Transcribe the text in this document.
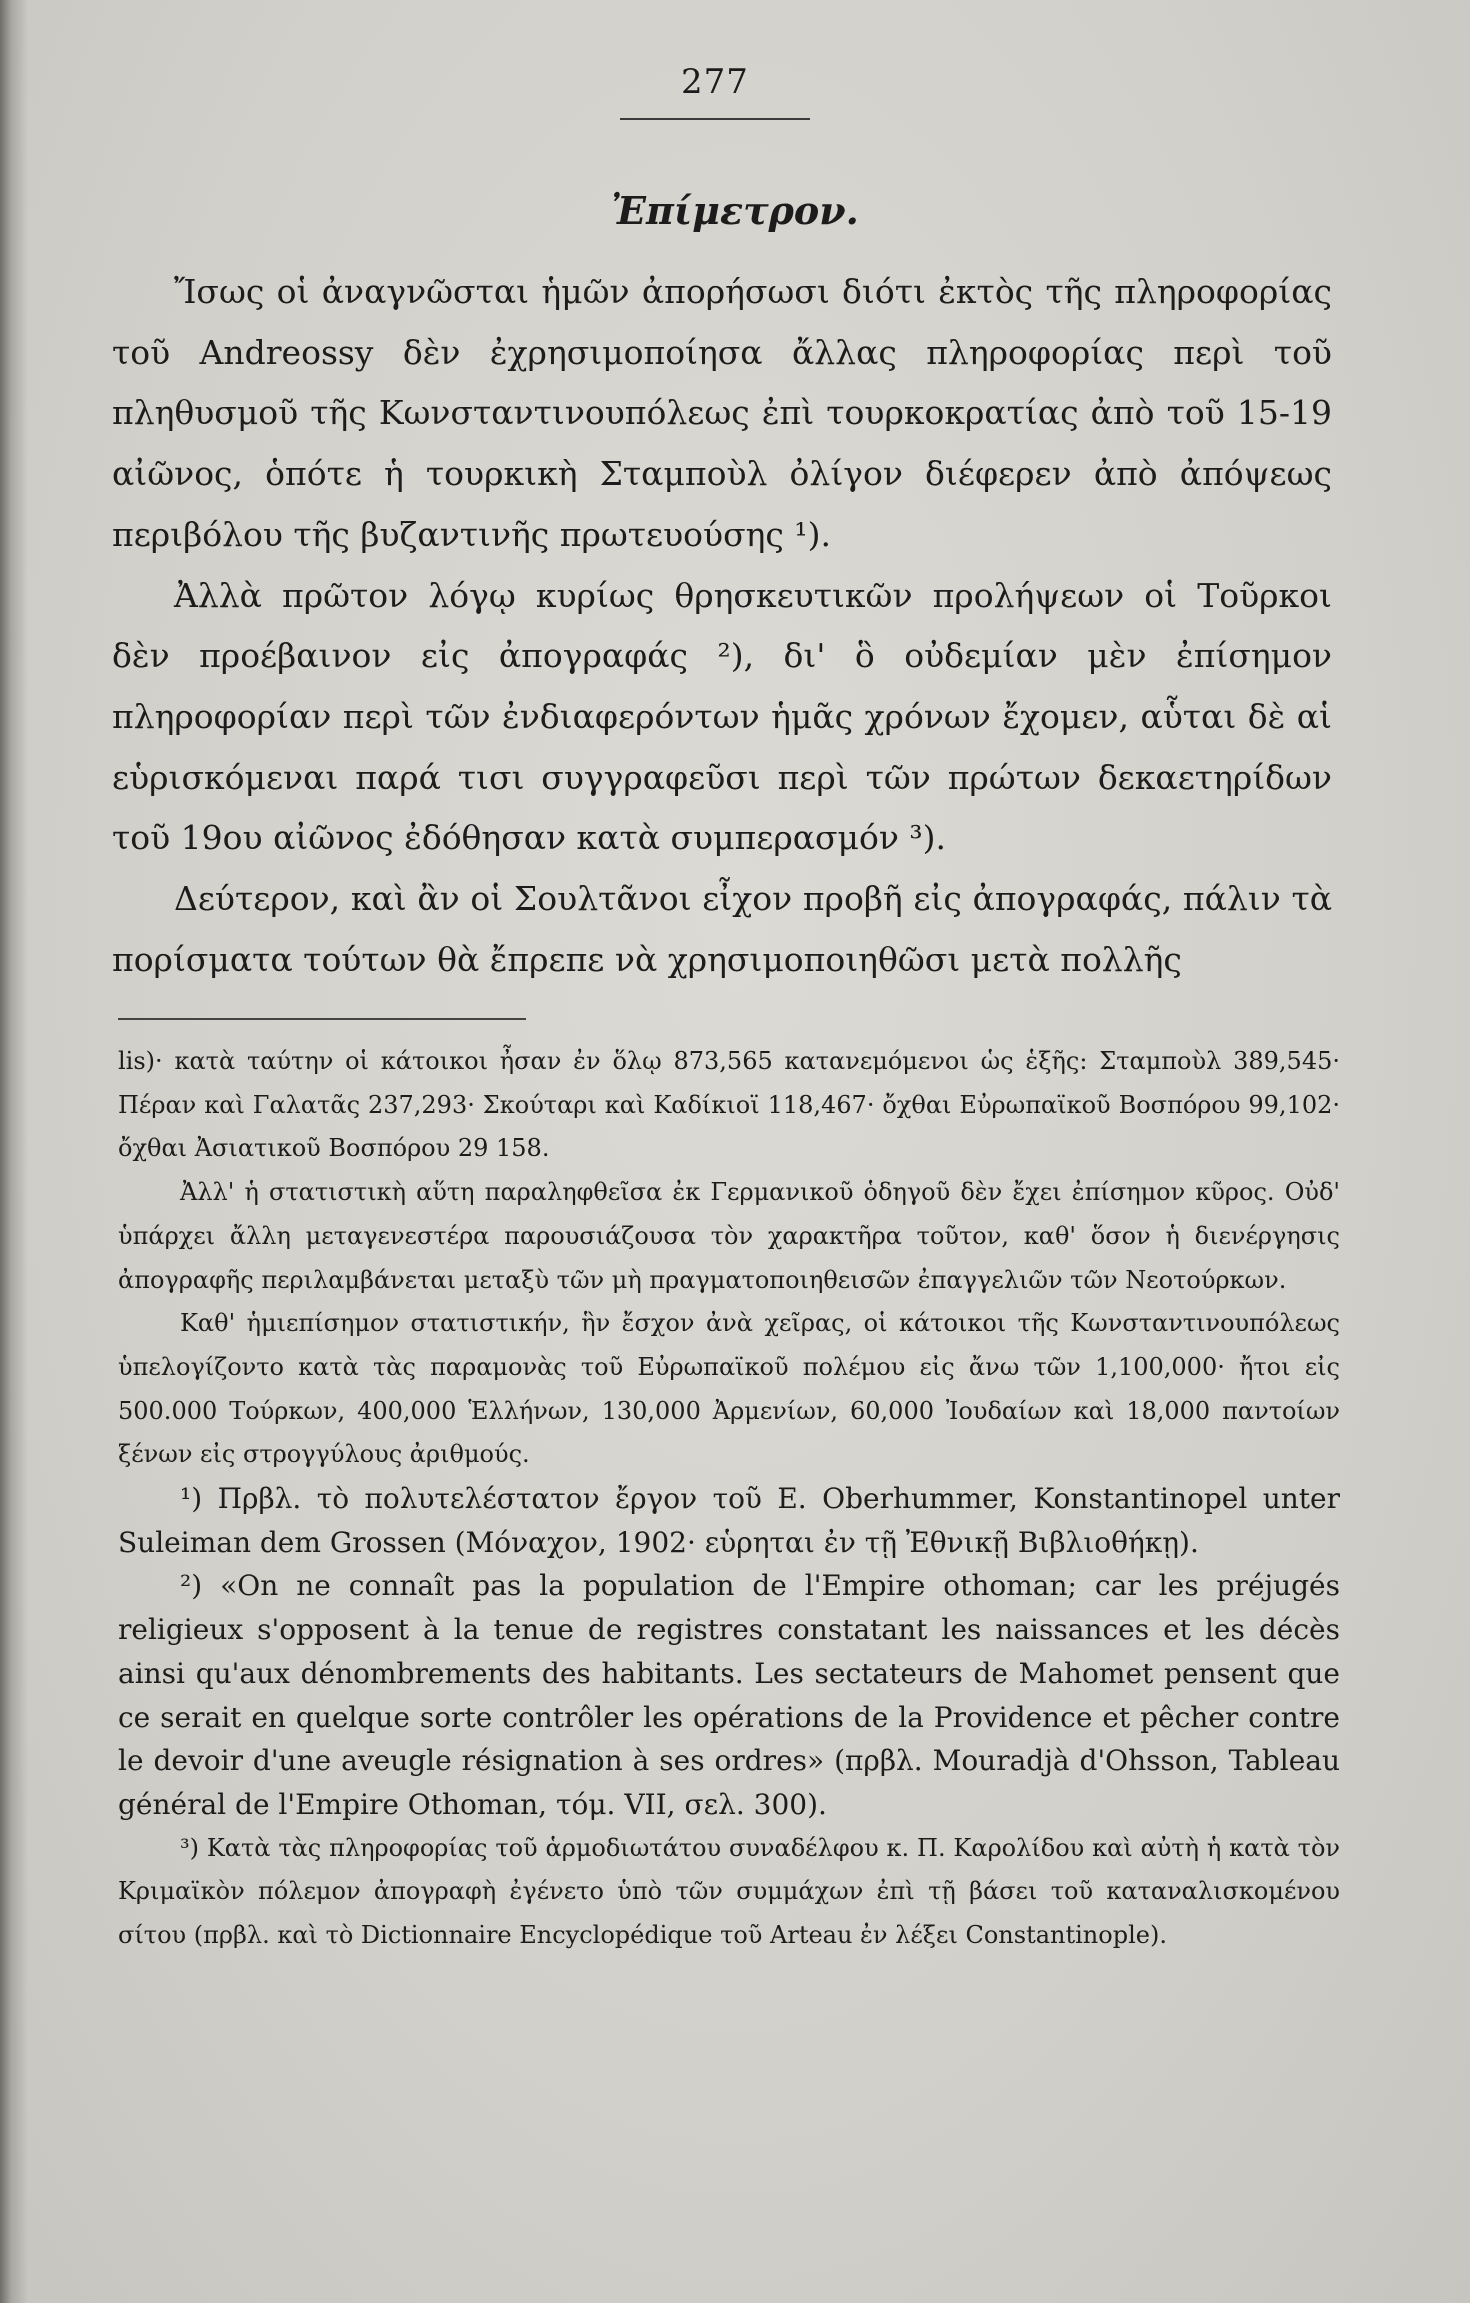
277
Ἐπίμετρον.

Ἴσως οἱ ἀναγνῶσται ἡμῶν ἀπορήσωσι διότι ἐκτὸς τῆς πληροφορίας τοῦ Andreossy δὲν ἐχρησιμοποίησα ἄλλας πληροφορίας περὶ τοῦ πληθυσμοῦ τῆς Κωνσταντινουπόλεως ἐπὶ τουρκοκρατίας ἀπὸ τοῦ 15-19 αἰῶνος, ὁπότε ἡ τουρκικὴ Σταμποὺλ ὀλίγον διέφερεν ἀπὸ ἀπόψεως περιβόλου τῆς βυζαντινῆς πρωτευούσης ¹).

Ἀλλὰ πρῶτον λόγῳ κυρίως θρησκευτικῶν προλήψεων οἱ Τοῦρκοι δὲν προέβαινον εἰς ἀπογραφάς ²), δι' ὃ οὐδεμίαν μὲν ἐπίσημον πληροφορίαν περὶ τῶν ἐνδιαφερόντων ἡμᾶς χρόνων ἔχομεν, αὗται δὲ αἱ εὑρισκόμεναι παρά τισι συγγραφεῦσι περὶ τῶν πρώτων δεκαετηρίδων τοῦ 19ου αἰῶνος ἐδόθησαν κατὰ συμπερασμόν ³).

Δεύτερον, καὶ ἂν οἱ Σουλτᾶνοι εἶχον προβῆ εἰς ἀπογραφάς, πάλιν τὰ πορίσματα τούτων θὰ ἔπρεπε νὰ χρησιμοποιηθῶσι μετὰ πολλῆς

lis)· κατὰ ταύτην οἱ κάτοικοι ἦσαν ἐν ὅλῳ 873,565 κατανεμόμενοι ὡς ἑξῆς: Σταμποὺλ 389,545· Πέραν καὶ Γαλατᾶς 237,293· Σκούταρι καὶ Καδίκιοϊ 118,467· ὄχθαι Εὐρωπαϊκοῦ Βοσπόρου 99,102· ὄχθαι Ἀσιατικοῦ Βοσπόρου 29 158.

Ἀλλ' ἡ στατιστικὴ αὕτη παραληφθεῖσα ἐκ Γερμανικοῦ ὁδηγοῦ δὲν ἔχει ἐπίσημον κῦρος. Οὐδ' ὑπάρχει ἄλλη μεταγενεστέρα παρουσιάζουσα τὸν χαρακτῆρα τοῦτον, καθ' ὅσον ἡ διενέργησις ἀπογραφῆς περιλαμβάνεται μεταξὺ τῶν μὴ πραγματοποιηθεισῶν ἐπαγγελιῶν τῶν Νεοτούρκων.

Καθ' ἡμιεπίσημον στατιστικήν, ἣν ἔσχον ἀνὰ χεῖρας, οἱ κάτοικοι τῆς Κωνσταντινουπόλεως ὑπελογίζοντο κατὰ τὰς παραμονὰς τοῦ Εὐρωπαϊκοῦ πολέμου εἰς ἄνω τῶν 1,100,000· ἤτοι εἰς 500.000 Τούρκων, 400,000 Ἑλλήνων, 130,000 Ἀρμενίων, 60,000 Ἰουδαίων καὶ 18,000 παντοίων ξένων εἰς στρογγύλους ἀριθμούς.

¹) Πρβλ. τὸ πολυτελέστατον ἔργον τοῦ E. Oberhummer, Konstantinopel unter Suleiman dem Grossen (Μόναχον, 1902· εὑρηται ἐν τῇ Ἐθνικῇ Βιβλιοθήκῃ).

²) «On ne connaît pas la population de l'Empire othoman; car les préjugés religieux s'opposent à la tenue de registres constatant les naissances et les décès ainsi qu'aux dénombrements des habitants. Les sectateurs de Mahomet pensent que ce serait en quelque sorte contrôler les opérations de la Providence et pêcher contre le devoir d'une aveugle résignation à ses ordres» (πρβλ. Mouradjà d'Ohsson, Tableau général de l'Empire Othoman, τόμ. VII, σελ. 300).

³) Κατὰ τὰς πληροφορίας τοῦ ἁρμοδιωτάτου συναδέλφου κ. Π. Καρολίδου καὶ αὐτὴ ἡ κατὰ τὸν Κριμαϊκὸν πόλεμον ἀπογραφὴ ἐγένετο ὑπὸ τῶν συμμάχων ἐπὶ τῇ βάσει τοῦ καταναλισκομένου σίτου (πρβλ. καὶ τὸ Dictionnaire Encyclopédique τοῦ Arteau ἐν λέξει Constantinople).
